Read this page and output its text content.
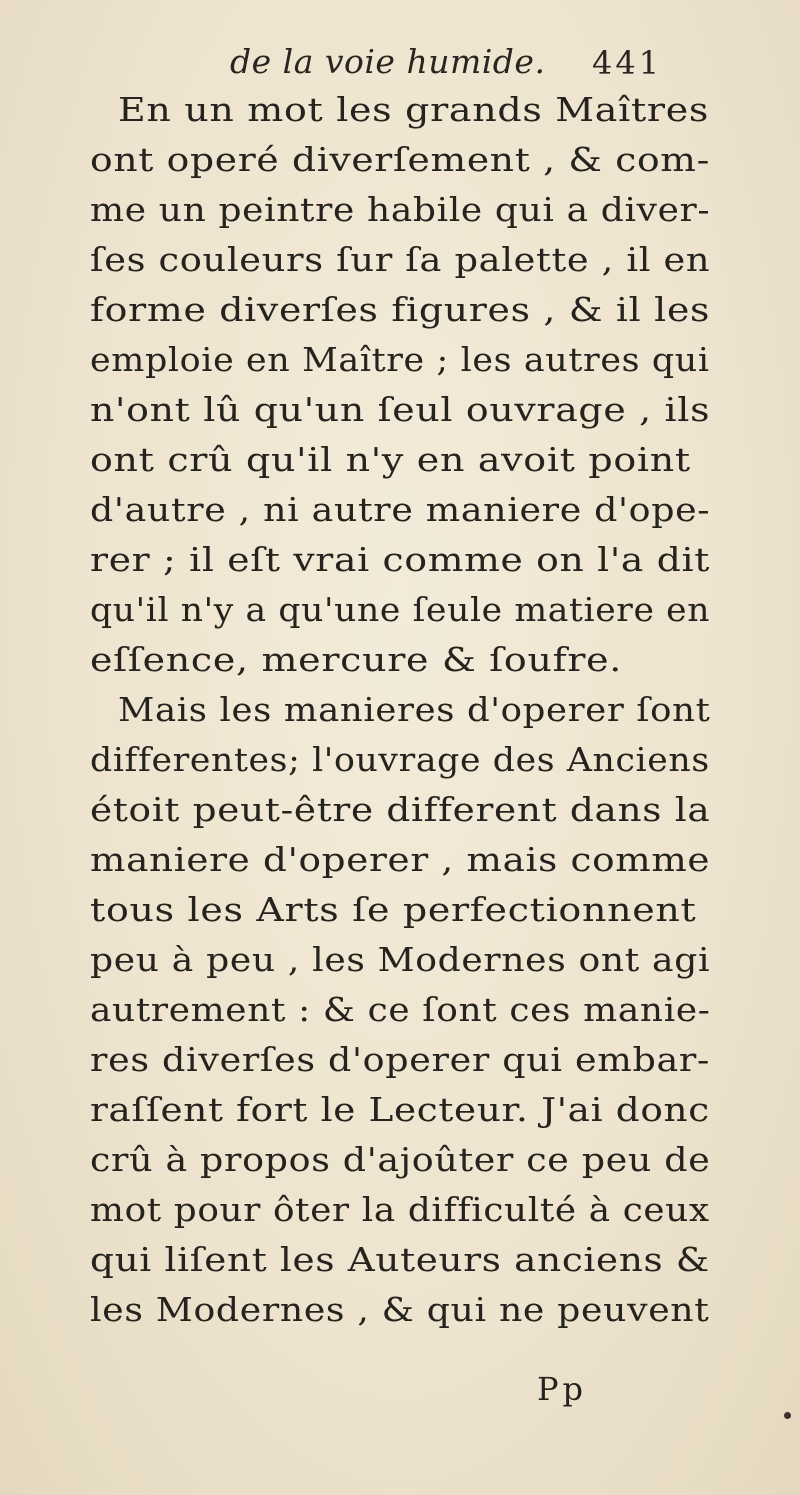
de la voie humide. 441
En un mot les grands Maîtres
ont operé diverſement , & com-
me un peintre habile qui a diver-
ſes couleurs ſur ſa palette , il en
forme diverſes figures , & il les
emploie en Maître ; les autres qui
n'ont lû qu'un ſeul ouvrage , ils
ont crû qu'il n'y en avoit point
d'autre , ni autre maniere d'ope-
rer ; il eſt vrai comme on l'a dit
qu'il n'y a qu'une ſeule matiere en
eſſence, mercure & ſoufre.
Mais les manieres d'operer ſont
differentes; l'ouvrage des Anciens
étoit peut-être different dans la
maniere d'operer , mais comme
tous les Arts ſe perfectionnent
peu à peu , les Modernes ont agi
autrement : & ce ſont ces manie-
res diverſes d'operer qui embar-
raſſent fort le Lecteur. J'ai donc
crû à propos d'ajoûter ce peu de
mot pour ôter la difficulté à ceux
qui liſent les Auteurs anciens &
les Modernes , & qui ne peuvent
Pp
